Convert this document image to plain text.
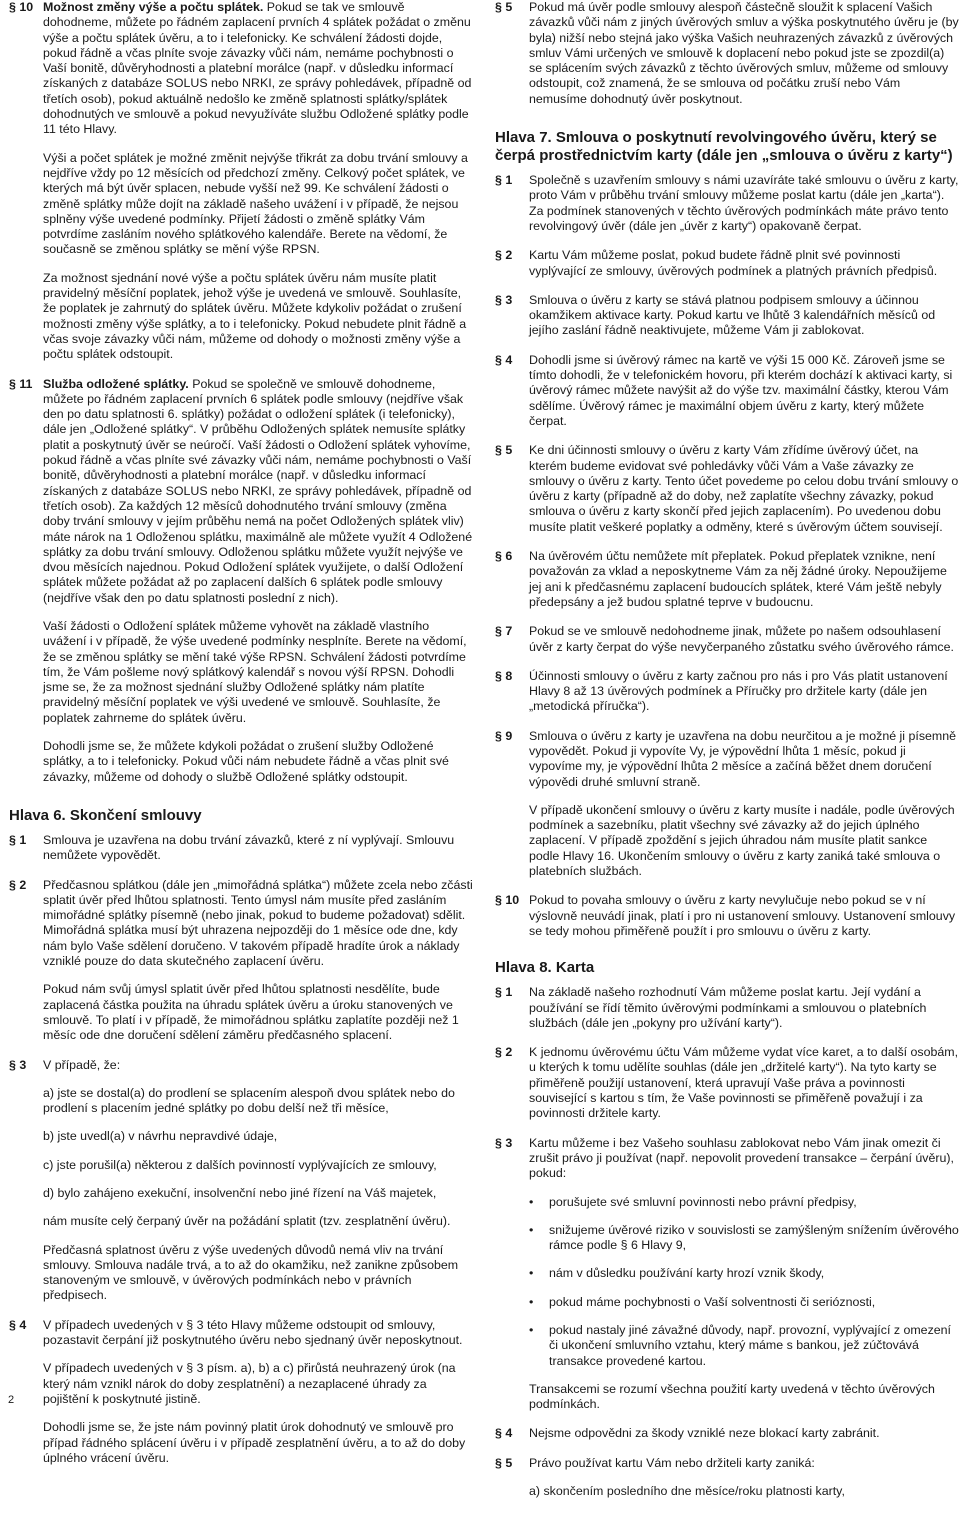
§ 10 Možnost změny výše a počtu splátek. Pokud se tak ve smlouvě dohodneme, můžete po řádném zaplacení prvních 4 splátek požádat o změnu výše a počtu splátek úvěru, a to i telefonicky. Ke schválení žádosti dojde, pokud řádně a včas plníte svoje závazky vůči nám, nemáme pochybnosti o Vaší bonitě, důvěryhodnosti a platební morálce (např. v důsledku informací získaných z databáze SOLUS nebo NRKI, ze správy pohledávek, případně od třetích osob), pokud aktuálně nedošlo ke změně splatnosti splátky/splátek dohodnutých ve smlouvě a pokud nevyužíváte službu Odložené splátky podle 11 této Hlavy.

Výši a počet splátek je možné změnit nejvýše třikrát za dobu trvání smlouvy a nejdříve vždy po 12 měsících od předchozí změny. Celkový počet splátek, ve kterých má být úvěr splacen, nebude vyšší než 99. Ke schválení žádosti o změně splátky může dojít na základě našeho uvážení i v případě, že nejsou splněny výše uvedené podmínky. Přijetí žádosti o změně splátky Vám potvrdíme zasláním nového splátkového kalendáře. Berete na vědomí, že současně se změnou splátky se mění výše RPSN.

Za možnost sjednání nové výše a počtu splátek úvěru nám musíte platit pravidelný měsíční poplatek, jehož výše je uvedená ve smlouvě. Souhlasíte, že poplatek je zahrnutý do splátek úvěru. Můžete kdykoliv požádat o zrušení možnosti změny výše splátky, a to i telefonicky. Pokud nebudete plnit řádně a včas svoje závazky vůči nám, můžeme od dohody o možnosti změny výše a počtu splátek odstoupit.

§ 11 Služba odložené splátky. Pokud se společně ve smlouvě dohodneme, můžete po řádném zaplacení prvních 6 splátek podle smlouvy (nejdříve však den po datu splatnosti 6. splátky) požádat o odložení splátek (i telefonicky), dále jen „Odložené splátky“. V průběhu Odložených splátek nemusíte splátky platit a poskytnutý úvěr se neúročí. Vaší žádosti o Odložení splátek vyhovíme, pokud řádně a včas plníte své závazky vůči nám, nemáme pochybnosti o Vaší bonitě, důvěryhodnosti a platební morálce (např. v důsledku informací získaných z databáze SOLUS nebo NRKI, ze správy pohledávek, případně od třetích osob). Za každých 12 měsíců dohodnutého trvání smlouvy (změna doby trvání smlouvy v jejím průběhu nemá na počet Odložených splátek vliv) máte nárok na 1 Odloženou splátku, maximálně ale můžete využít 4 Odložené splátky za dobu trvání smlouvy. Odloženou splátku můžete využít nejvýše ve dvou měsících najednou. Pokud Odložení splátek využijete, o další Odložení splátek můžete požádat až po zaplacení dalších 6 splátek podle smlouvy (nejdříve však den po datu splatnosti poslední z nich).

Vaší žádosti o Odložení splátek můžeme vyhovět na základě vlastního uvážení i v případě, že výše uvedené podmínky nesplníte. Berete na vědomí, že se změnou splátky se mění také výše RPSN. Schválení žádosti potvrdíme tím, že Vám pošleme nový splátkový kalendář s novou výší RPSN. Dohodli jsme se, že za možnost sjednání služby Odložené splátky nám platíte pravidelný měsíční poplatek ve výši uvedené ve smlouvě. Souhlasíte, že poplatek zahrneme do splátek úvěru.

Dohodli jsme se, že můžete kdykoli požádat o zrušení služby Odložené splátky, a to i telefonicky. Pokud vůči nám nebudete řádně a včas plnit své závazky, můžeme od dohody o službě Odložené splátky odstoupit.

Hlava 6. Skončení smlouvy
§ 1	Smlouva je uzavřena na dobu trvání závazků, které z ní vyplývají. Smlouvu nemůžete vypovědět.

§ 2	Předčasnou splátkou (dále jen „mimořádná splátka“) můžete zcela nebo zčásti splatit úvěr před lhůtou splatnosti. Tento úmysl nám musíte před zasláním mimořádné splátky písemně (nebo jinak, pokud to budeme požadovat) sdělit. Mimořádná splátka musí být uhrazena nejpozději do 1 měsíce ode dne, kdy nám bylo Vaše sdělení doručeno. V takovém případě hradíte úrok a náklady vzniklé pouze do data skutečného zaplacení úvěru.

Pokud nám svůj úmysl splatit úvěr před lhůtou splatnosti nesdělíte, bude zaplacená částka použita na úhradu splátek úvěru a úroku stanovených ve smlouvě. To platí i v případě, že mimořádnou splátku zaplatíte později než 1 měsíc ode dne doručení sdělení záměru předčasného splacení.

§ 3	V případě, že:

a) jste se dostal(a) do prodlení se splacením alespoň dvou splátek nebo do prodlení s placením jedné splátky po dobu delší než tři měsíce,

b) jste uvedl(a) v návrhu nepravdivé údaje,

c) jste porušil(a) některou z dalších povinností vyplývajících ze smlouvy,

d) bylo zahájeno exekuční, insolvenční nebo jiné řízení na Váš majetek,

nám musíte celý čerpaný úvěr na požádání splatit (tzv. zesplatnění úvěru).

Předčasná splatnost úvěru z výše uvedených důvodů nemá vliv na trvání smlouvy. Smlouva nadále trvá, a to až do okamžiku, než zanikne způsobem stanoveným ve smlouvě, v úvěrových podmínkách nebo v právních předpisech.

§ 4	V případech uvedených v § 3 této Hlavy můžeme odstoupit od smlouvy, pozastavit čerpání již poskytnutého úvěru nebo sjednaný úvěr neposkytnout.

V případech uvedených v § 3 písm. a), b) a c) přirůstá neuhrazený úrok (na který nám vznikl nárok do doby zesplatnění) a nezaplacené úhrady za pojištění k poskytnuté jistině.

Dohodli jsme se, že jste nám povinný platit úrok dohodnutý ve smlouvě pro případ řádného splácení úvěru i v případě zesplatnění úvěru, a to až do doby úplného vrácení úvěru.

§ 5	Pokud má úvěr podle smlouvy alespoň částečně sloužit k splacení Vašich závazků vůči nám z jiných úvěrových smluv a výška poskytnutého úvěru je (by byla) nižší nebo stejná jako výška Vašich neuhrazených závazků z úvěrových smluv Vámi určených ve smlouvě k doplacení nebo pokud jste se zpozdil(a) se splácením svých závazků z těchto úvěrových smluv, můžeme od smlouvy odstoupit, což znamená, že se smlouva od počátku zruší nebo Vám nemusíme dohodnutý úvěr poskytnout.

Hlava 7. Smlouva o poskytnutí revolvingového úvěru, který se čerpá prostřednictvím karty (dále jen „smlouva o úvěru z karty“)
§ 1	Společně s uzavřením smlouvy s námi uzavíráte také smlouvu o úvěru z karty, proto Vám v průběhu trvání smlouvy můžeme poslat kartu (dále jen „karta“). Za podmínek stanovených v těchto úvěrových podmínkách máte právo tento revolvingový úvěr (dále jen „úvěr z karty“) opakovaně čerpat.

§ 2	Kartu Vám můžeme poslat, pokud budete řádně plnit své povinnosti vyplývající ze smlouvy, úvěrových podmínek a platných právních předpisů.

§ 3	Smlouva o úvěru z karty se stává platnou podpisem smlouvy a účinnou okamžikem aktivace karty. Pokud kartu ve lhůtě 3 kalendářních měsíců od jejího zaslání řádně neaktivujete, můžeme Vám ji zablokovat.

§ 4	Dohodli jsme si úvěrový rámec na kartě ve výši 15 000 Kč. Zároveň jsme se tímto dohodli, že v telefonickém hovoru, při kterém dochází k aktivaci karty, si úvěrový rámec můžete navýšit až do výše tzv. maximální částky, kterou Vám sdělíme. Úvěrový rámec je maximální objem úvěru z karty, který můžete čerpat.

§ 5	Ke dni účinnosti smlouvy o úvěru z karty Vám zřídíme úvěrový účet, na kterém budeme evidovat své pohledávky vůči Vám a Vaše závazky ze smlouvy o úvěru z karty. Tento účet povedeme po celou dobu trvání smlouvy o úvěru z karty (případně až do doby, než zaplatíte všechny závazky, pokud smlouva o úvěru z karty skončí před jejich zaplacením). Po uvedenou dobu musíte platit veškeré poplatky a odměny, které s úvěrovým účtem souvisejí.

§ 6	Na úvěrovém účtu nemůžete mít přeplatek. Pokud přeplatek vznikne, není považován za vklad a neposkytneme Vám za něj žádné úroky. Nepoužijeme jej ani k předčasnému zaplacení budoucích splátek, které Vám ještě nebyly předepsány a jež budou splatné teprve v budoucnu.

§ 7	Pokud se ve smlouvě nedohodneme jinak, můžete po našem odsouhlasení úvěr z karty čerpat do výše nevyčerpaného zůstatku svého úvěrového rámce.

§ 8	Účinnosti smlouvy o úvěru z karty začnou pro nás i pro Vás platit ustanovení Hlavy 8 až 13 úvěrových podmínek a Příručky pro držitele karty (dále jen „metodická příručka“).

§ 9	Smlouva o úvěru z karty je uzavřena na dobu neurčitou a je možné ji písemně vypovědět. Pokud ji vypovíte Vy, je výpovědní lhůta 1 měsíc, pokud ji vypovíme my, je výpovědní lhůta 2 měsíce a začíná běžet dnem doručení výpovědi druhé smluvní straně.

V případě ukončení smlouvy o úvěru z karty musíte i nadále, podle úvěrových podmínek a sazebníku, platit všechny své závazky až do jejich úplného zaplacení. V případě zpoždění s jejich úhradou nám musíte platit sankce podle Hlavy 16. Ukončením smlouvy o úvěru z karty zaniká také smlouva o platebních službách.

§ 10 Pokud to povaha smlouvy o úvěru z karty nevylučuje nebo pokud se v ní výslovně neuvádí jinak, platí i pro ni ustanovení smlouvy. Ustanovení smlouvy se tedy mohou přiměřeně použít i pro smlouvu o úvěru z karty.

Hlava 8. Karta
§ 1	Na základě našeho rozhodnutí Vám můžeme poslat kartu. Její vydání a používání se řídí těmito úvěrovými podmínkami a smlouvou o platebních službách (dále jen „pokyny pro užívání karty“).

§ 2	K jednomu úvěrovému účtu Vám můžeme vydat více karet, a to další osobám, u kterých k tomu udělíte souhlas (dále jen „držitelé karty“). Na tyto karty se přiměřeně použijí ustanovení, která upravují Vaše práva a povinnosti související s kartou s tím, že Vaše povinnosti se přiměřeně považují i za povinnosti držitele karty.

§ 3	Kartu můžeme i bez Vašeho souhlasu zablokovat nebo Vám jinak omezit či zrušit právo ji používat (např. nepovolit provedení transakce – čerpání úvěru), pokud:

• porušujete své smluvní povinnosti nebo právní předpisy,
• snižujeme úvěrové riziko v souvislosti se zamýšleným snížením úvěrového rámce podle § 6 Hlavy 9,
• nám v důsledku používání karty hrozí vznik škody,
• pokud máme pochybnosti o Vaší solventnosti či serióznosti,
• pokud nastaly jiné závažné důvody, např. provozní, vyplývající z omezení či ukončení smluvního vztahu, který máme s bankou, jež zúčtovává transakce provedené kartou.

Transakcemi se rozumí všechna použití karty uvedená v těchto úvěrových podmínkách.

§ 4	Nejsme odpovědni za škody vzniklé neze blokací karty zabránit.

§ 5	Právo používat kartu Vám nebo držiteli karty zaniká:

a) skončením posledního dne měsíce/roku platnosti karty,

2
